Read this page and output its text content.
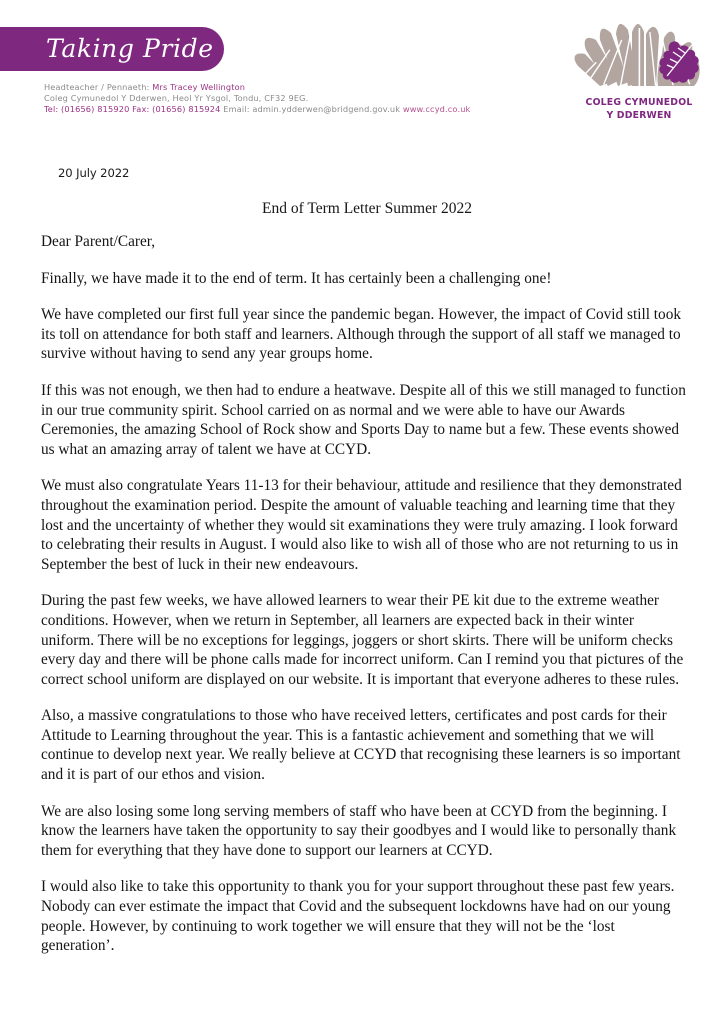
Taking Pride
Headteacher / Pennaeth: Mrs Tracey Wellington
Coleg Cymunedol Y Dderwen, Heol Yr Ysgol, Tondu, CF32 9EG.
Tel: (01656) 815920 Fax: (01656) 815924 Email: admin.ydderwen@bridgend.gov.uk www.ccyd.co.uk
COLEG CYMUNEDOL
Y DDERWEN
20 July 2022
End of Term Letter Summer 2022

Dear Parent/Carer,

Finally, we have made it to the end of term. It has certainly been a challenging one!

We have completed our first full year since the pandemic began. However, the impact of Covid still took its toll on attendance for both staff and learners. Although through the support of all staff we managed to survive without having to send any year groups home.

If this was not enough, we then had to endure a heatwave. Despite all of this we still managed to function in our true community spirit. School carried on as normal and we were able to have our Awards Ceremonies, the amazing School of Rock show and Sports Day to name but a few. These events showed us what an amazing array of talent we have at CCYD.

We must also congratulate Years 11-13 for their behaviour, attitude and resilience that they demonstrated throughout the examination period. Despite the amount of valuable teaching and learning time that they lost and the uncertainty of whether they would sit examinations they were truly amazing. I look forward to celebrating their results in August. I would also like to wish all of those who are not returning to us in September the best of luck in their new endeavours.

During the past few weeks, we have allowed learners to wear their PE kit due to the extreme weather conditions. However, when we return in September, all learners are expected back in their winter uniform. There will be no exceptions for leggings, joggers or short skirts. There will be uniform checks every day and there will be phone calls made for incorrect uniform. Can I remind you that pictures of the correct school uniform are displayed on our website. It is important that everyone adheres to these rules.

Also, a massive congratulations to those who have received letters, certificates and post cards for their Attitude to Learning throughout the year. This is a fantastic achievement and something that we will continue to develop next year. We really believe at CCYD that recognising these learners is so important and it is part of our ethos and vision.

We are also losing some long serving members of staff who have been at CCYD from the beginning. I know the learners have taken the opportunity to say their goodbyes and I would like to personally thank them for everything that they have done to support our learners at CCYD.

I would also like to take this opportunity to thank you for your support throughout these past few years. Nobody can ever estimate the impact that Covid and the subsequent lockdowns have had on our young people. However, by continuing to work together we will ensure that they will not be the ‘lost generation’.
